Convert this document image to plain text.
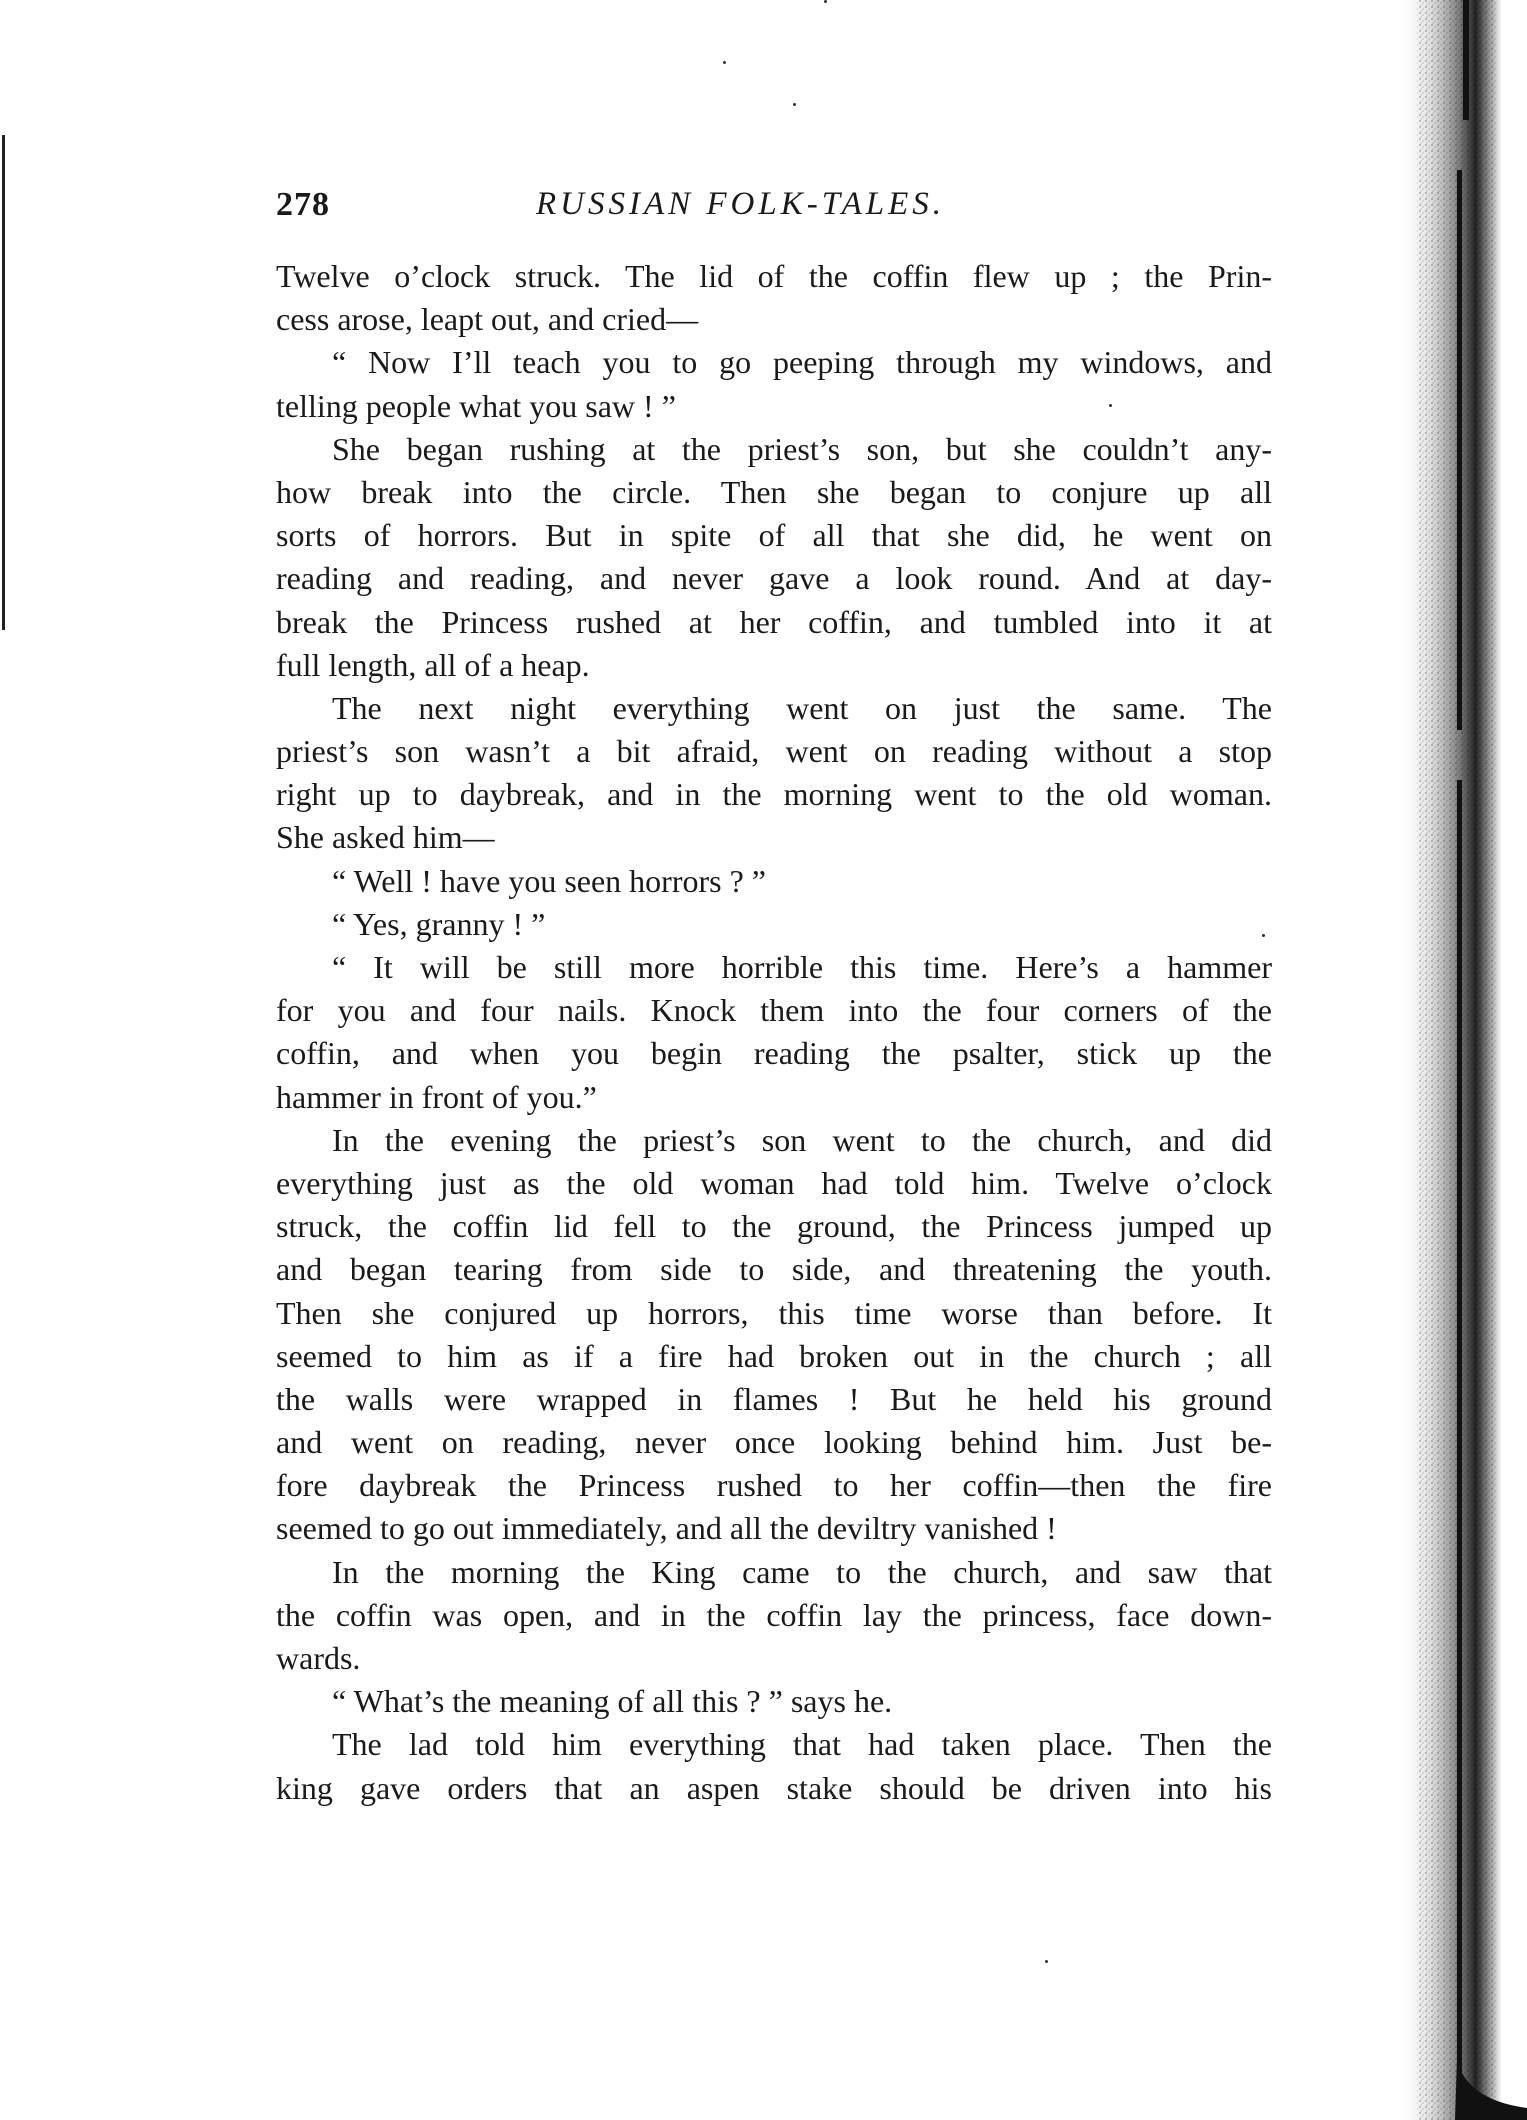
278	RUSSIAN FOLK-TALES.
Twelve o’clock struck. The lid of the coffin flew up ; the Prin-
cess arose, leapt out, and cried—
“ Now I’ll teach you to go peeping through my windows, and
telling people what you saw ! ”
She began rushing at the priest’s son, but she couldn’t any-
how break into the circle. Then she began to conjure up all
sorts of horrors. But in spite of all that she did, he went on
reading and reading, and never gave a look round. And at day-
break the Princess rushed at her coffin, and tumbled into it at
full length, all of a heap.
The next night everything went on just the same. The
priest’s son wasn’t a bit afraid, went on reading without a stop
right up to daybreak, and in the morning went to the old woman.
She asked him—
“ Well ! have you seen horrors ? ”
“ Yes, granny ! ”
“ It will be still more horrible this time. Here’s a hammer
for you and four nails. Knock them into the four corners of the
coffin, and when you begin reading the psalter, stick up the
hammer in front of you.”
In the evening the priest’s son went to the church, and did
everything just as the old woman had told him. Twelve o’clock
struck, the coffin lid fell to the ground, the Princess jumped up
and began tearing from side to side, and threatening the youth.
Then she conjured up horrors, this time worse than before. It
seemed to him as if a fire had broken out in the church ; all
the walls were wrapped in flames ! But he held his ground
and went on reading, never once looking behind him. Just be-
fore daybreak the Princess rushed to her coffin—then the fire
seemed to go out immediately, and all the deviltry vanished !
In the morning the King came to the church, and saw that
the coffin was open, and in the coffin lay the princess, face down-
wards.
“ What’s the meaning of all this ? ” says he.
The lad told him everything that had taken place. Then the
king gave orders that an aspen stake should be driven into his
